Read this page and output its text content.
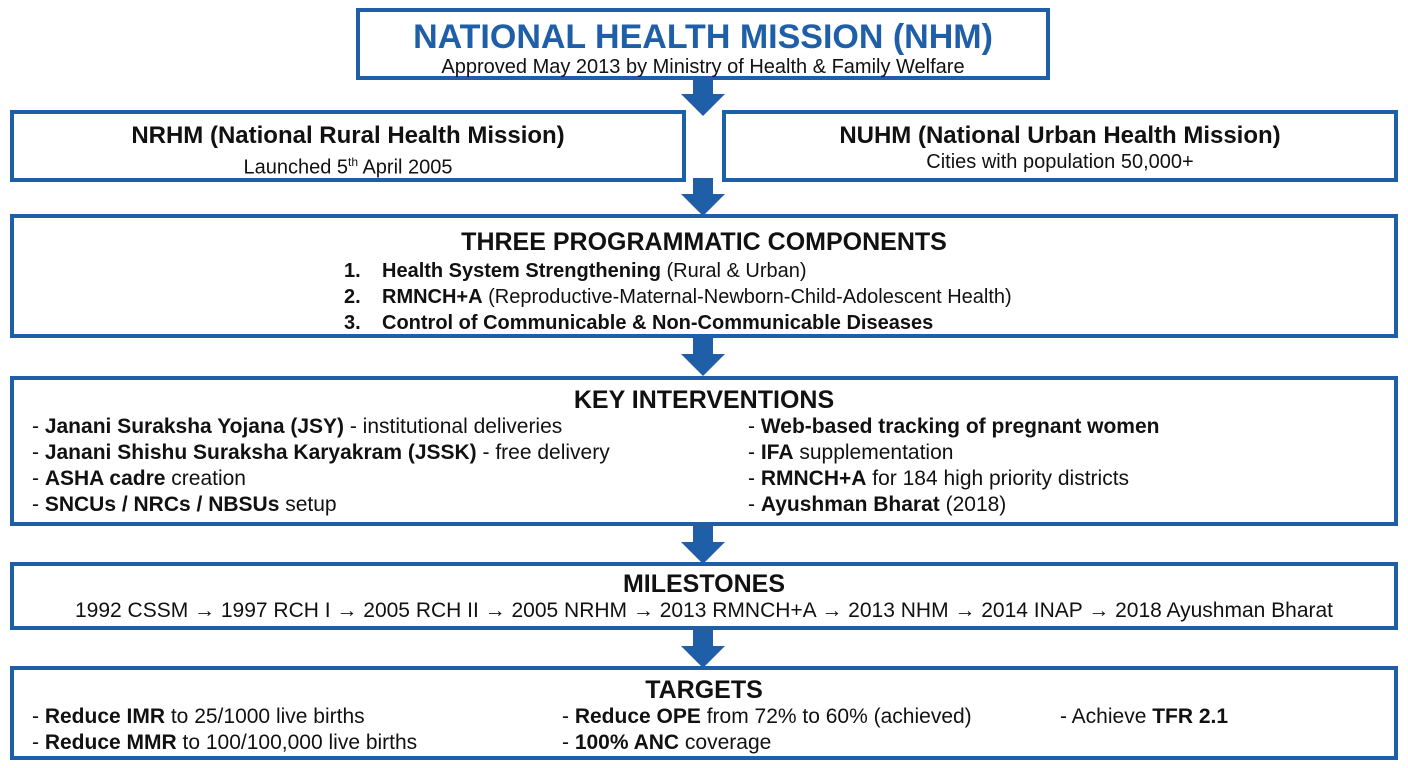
NATIONAL HEALTH MISSION (NHM)
Approved May 2013 by Ministry of Health & Family Welfare
NRHM (National Rural Health Mission)
Launched 5th April 2005
NUHM (National Urban Health Mission)
Cities with population 50,000+
THREE PROGRAMMATIC COMPONENTS
1. Health System Strengthening (Rural & Urban)
2. RMNCH+A (Reproductive-Maternal-Newborn-Child-Adolescent Health)
3. Control of Communicable & Non-Communicable Diseases
KEY INTERVENTIONS
- Janani Suraksha Yojana (JSY) - institutional deliveries
- Janani Shishu Suraksha Karyakram (JSSK) - free delivery
- ASHA cadre creation
- SNCUs / NRCs / NBSUs setup
- Web-based tracking of pregnant women
- IFA supplementation
- RMNCH+A for 184 high priority districts
- Ayushman Bharat (2018)
MILESTONES
1992 CSSM → 1997 RCH I → 2005 RCH II → 2005 NRHM → 2013 RMNCH+A → 2013 NHM → 2014 INAP → 2018 Ayushman Bharat
TARGETS
- Reduce IMR to 25/1000 live births
- Reduce MMR to 100/100,000 live births
- Reduce OPE from 72% to 60% (achieved)
- 100% ANC coverage
- Achieve TFR 2.1
